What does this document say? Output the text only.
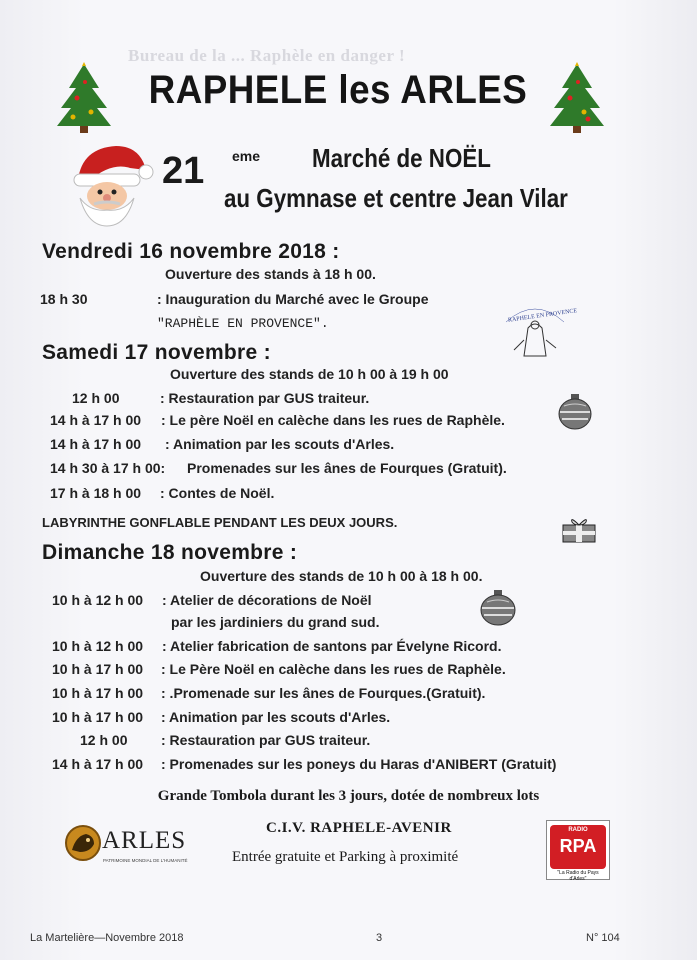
Bureau de la ... Raphèle en danger !
RAPHELE les ARLES
21 eme Marché de NOËL
au Gymnase et centre Jean Vilar
Vendredi 16 novembre 2018 :
Ouverture des stands à 18 h 00.
18 h 30	: Inauguration du Marché avec le Groupe
"RAPHÈLE EN PROVENCE".	RAPHELE EN PROVENCE
Samedi 17 novembre :
Ouverture des stands de 10 h 00 à 19 h 00
12 h 00	: Restauration par GUS traiteur.
14 h à 17 h 00 : Le père Noël en calèche dans les rues de Raphèle.
14 h à 17 h 00 : Animation par les scouts d'Arles.
14 h 30 à 17 h 00: Promenades sur les ânes de Fourques (Gratuit).
17 h à 18 h 00 : Contes de Noël.
LABYRINTHE GONFLABLE PENDANT LES DEUX JOURS.
Dimanche 18 novembre :
Ouverture des stands de 10 h 00 à 18 h 00.
10 h à 12 h 00 : Atelier de décorations de Noël
par les jardiniers du grand sud.
10 h à 12 h 00 : Atelier fabrication de santons par Évelyne Ricord.
10 h à 17 h 00 : Le Père Noël en calèche dans les rues de Raphèle.
10 h à 17 h 00 : .Promenade sur les ânes de Fourques.(Gratuit).
10 h à 17 h 00 : Animation par les scouts d'Arles.
12 h 00 : Restauration par GUS traiteur.
14 h à 17 h 00 : Promenades sur les poneys du Haras d'ANIBERT (Gratuit)
Grande Tombola durant les 3 jours, dotée de nombreux lots
ARLES
PATRIMOINE MONDIAL DE L'HUMANITÉ
C.I.V. RAPHELE-AVENIR
Entrée gratuite et Parking à proximité
RADIO
RPA
"La Radio du Pays d'Arles"
La Martelière—Novembre 2018	3	N° 104
